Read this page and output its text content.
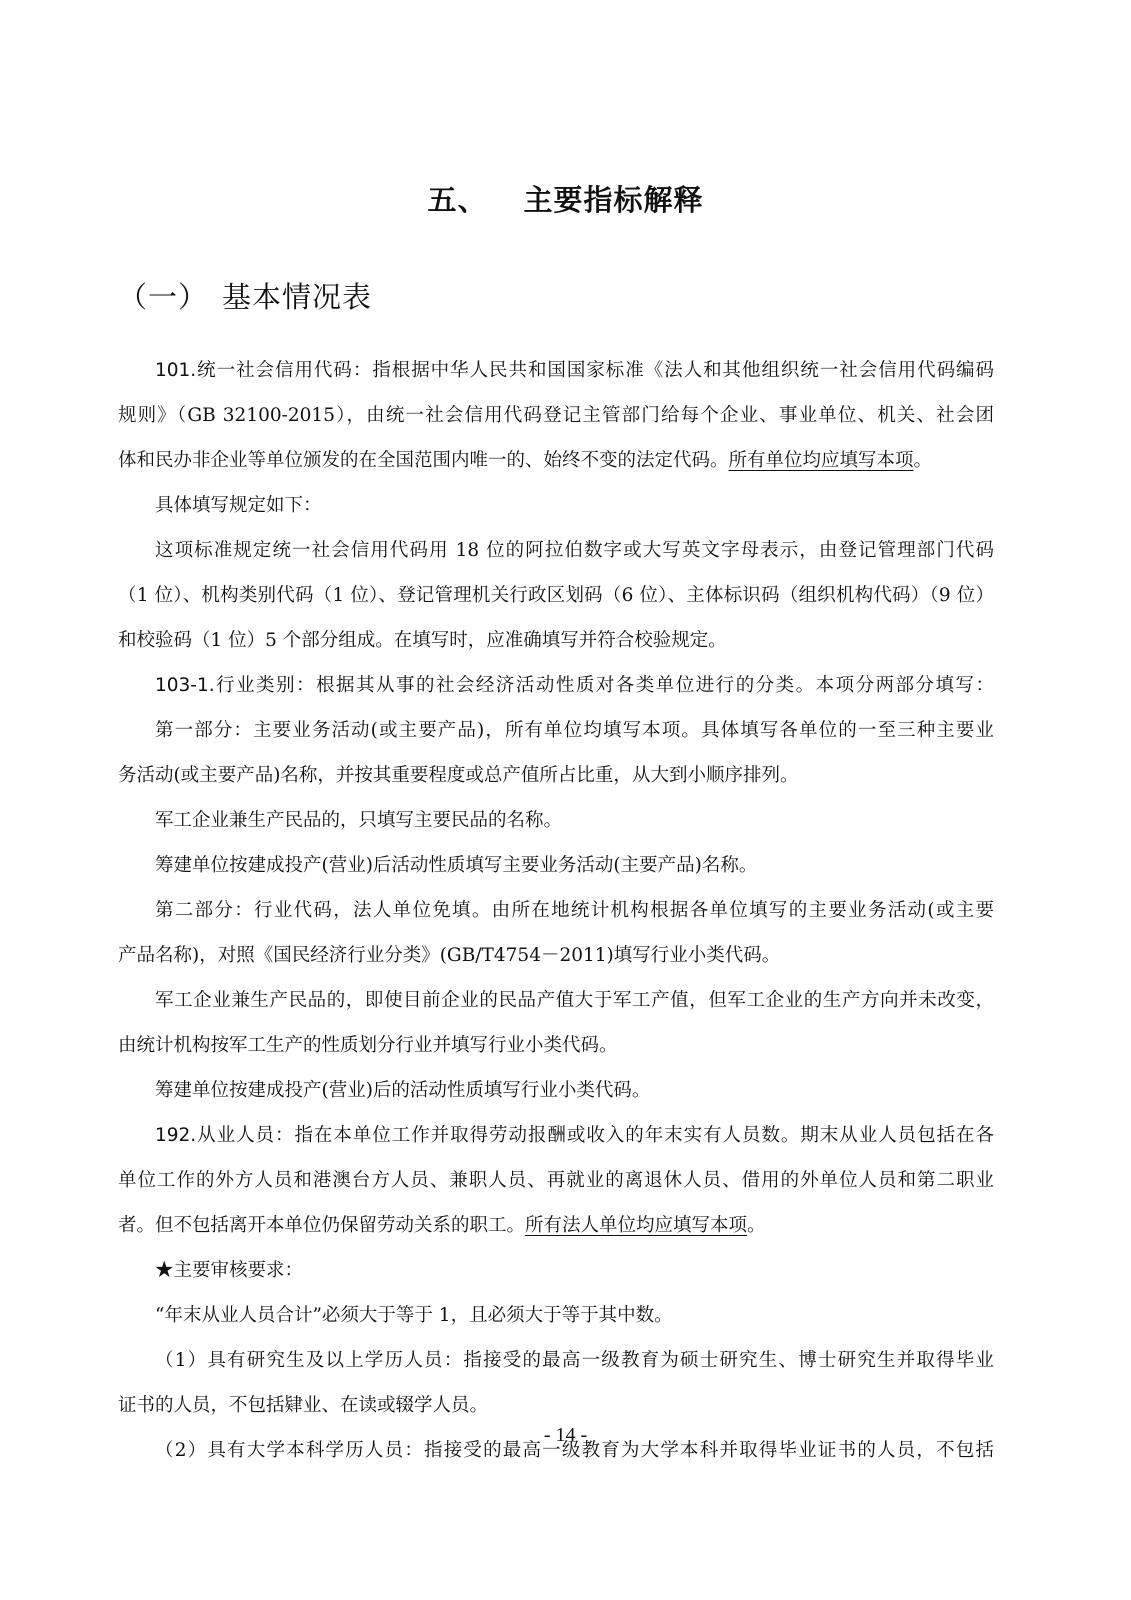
五、 主要指标解释
（一） 基本情况表
101.统一社会信用代码：指根据中华人民共和国国家标准《法人和其他组织统一社会信用代码编码
规则》（GB 32100-2015），由统一社会信用代码登记主管部门给每个企业、事业单位、机关、社会团
体和民办非企业等单位颁发的在全国范围内唯一的、始终不变的法定代码。所有单位均应填写本项。
具体填写规定如下：
这项标准规定统一社会信用代码用 18 位的阿拉伯数字或大写英文字母表示，由登记管理部门代码
（1 位）、机构类别代码（1 位）、登记管理机关行政区划码（6 位）、主体标识码（组织机构代码）（9 位）
和校验码（1 位）5 个部分组成。在填写时，应准确填写并符合校验规定。
103-1.行业类别：根据其从事的社会经济活动性质对各类单位进行的分类。本项分两部分填写：
第一部分：主要业务活动(或主要产品)，所有单位均填写本项。具体填写各单位的一至三种主要业
务活动(或主要产品)名称，并按其重要程度或总产值所占比重，从大到小顺序排列。
军工企业兼生产民品的，只填写主要民品的名称。
筹建单位按建成投产(营业)后活动性质填写主要业务活动(主要产品)名称。
第二部分：行业代码，法人单位免填。由所在地统计机构根据各单位填写的主要业务活动(或主要
产品名称)，对照《国民经济行业分类》(GB/T4754－2011)填写行业小类代码。
军工企业兼生产民品的，即使目前企业的民品产值大于军工产值，但军工企业的生产方向并未改变，
由统计机构按军工生产的性质划分行业并填写行业小类代码。
筹建单位按建成投产(营业)后的活动性质填写行业小类代码。
192.从业人员：指在本单位工作并取得劳动报酬或收入的年末实有人员数。期末从业人员包括在各
单位工作的外方人员和港澳台方人员、兼职人员、再就业的离退休人员、借用的外单位人员和第二职业
者。但不包括离开本单位仍保留劳动关系的职工。所有法人单位均应填写本项。
★主要审核要求：
“年末从业人员合计”必须大于等于 1，且必须大于等于其中数。
（1）具有研究生及以上学历人员：指接受的最高一级教育为硕士研究生、博士研究生并取得毕业
证书的人员，不包括肄业、在读或辍学人员。
（2）具有大学本科学历人员：指接受的最高一级教育为大学本科并取得毕业证书的人员，不包括
- 14 -
